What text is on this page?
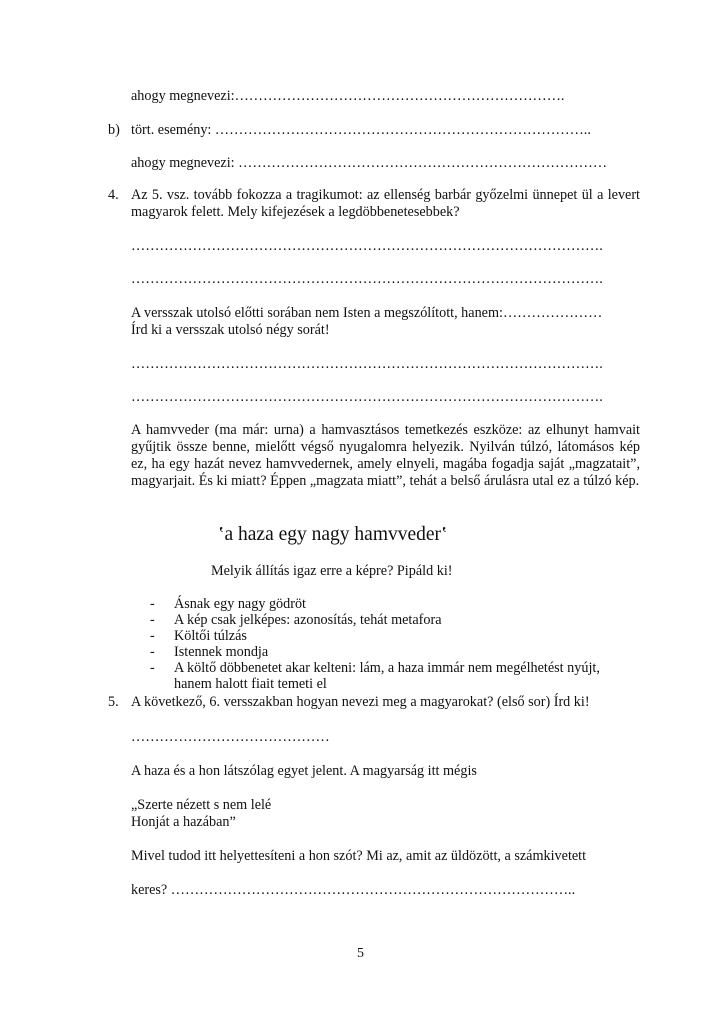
ahogy megnevezi:…………………………………………………………….
b) tört. esemény: ……………………………………………………………………..
ahogy megnevezi: ……………………………………………………………………
4. Az 5. vsz. tovább fokozza a tragikumot: az ellenség barbár győzelmi ünnepet ül a levert magyarok felett. Mely kifejezések a legdöbbenetesebbek?
……………………………………………………………………………………….
……………………………………………………………………………………….
A versszak utolsó előtti sorában nem Isten a megszólított, hanem:…………………
Írd ki a versszak utolsó négy sorát!
……………………………………………………………………………………….
……………………………………………………………………………………….
A hamvveder (ma már: urna) a hamvasztásos temetkezés eszköze: az elhunyt hamvait gyűjtik össze benne, mielőtt végső nyugalomra helyezik. Nyilván túlzó, látomásos kép ez, ha egy hazát nevez hamvvedernek, amely elnyeli, magába fogadja saját „magzatait”, magyarjait. És ki miatt? Éppen „magzata miatt”, tehát a belső árulásra utal ez a túlzó kép.
‛a haza egy nagy hamvveder‛
Melyik állítás igaz erre a képre? Pipáld ki!
- Ásnak egy nagy gödröt
- A kép csak jelképes: azonosítás, tehát metafora
- Költői túlzás
- Istennek mondja
- A költő döbbenetet akar kelteni: lám, a haza immár nem megélhetést nyújt, hanem halott fiait temeti el
5. A következő, 6. versszakban hogyan nevezi meg a magyarokat? (első sor) Írd ki!
……………………………………
A haza és a hon látszólag egyet jelent. A magyarság itt mégis
„Szerte nézett s nem lelé
Honját a hazában”
Mivel tudod itt helyettesíteni a hon szót? Mi az, amit az üldözött, a számkivetett
keres? …………………………………………………………………………..
5
